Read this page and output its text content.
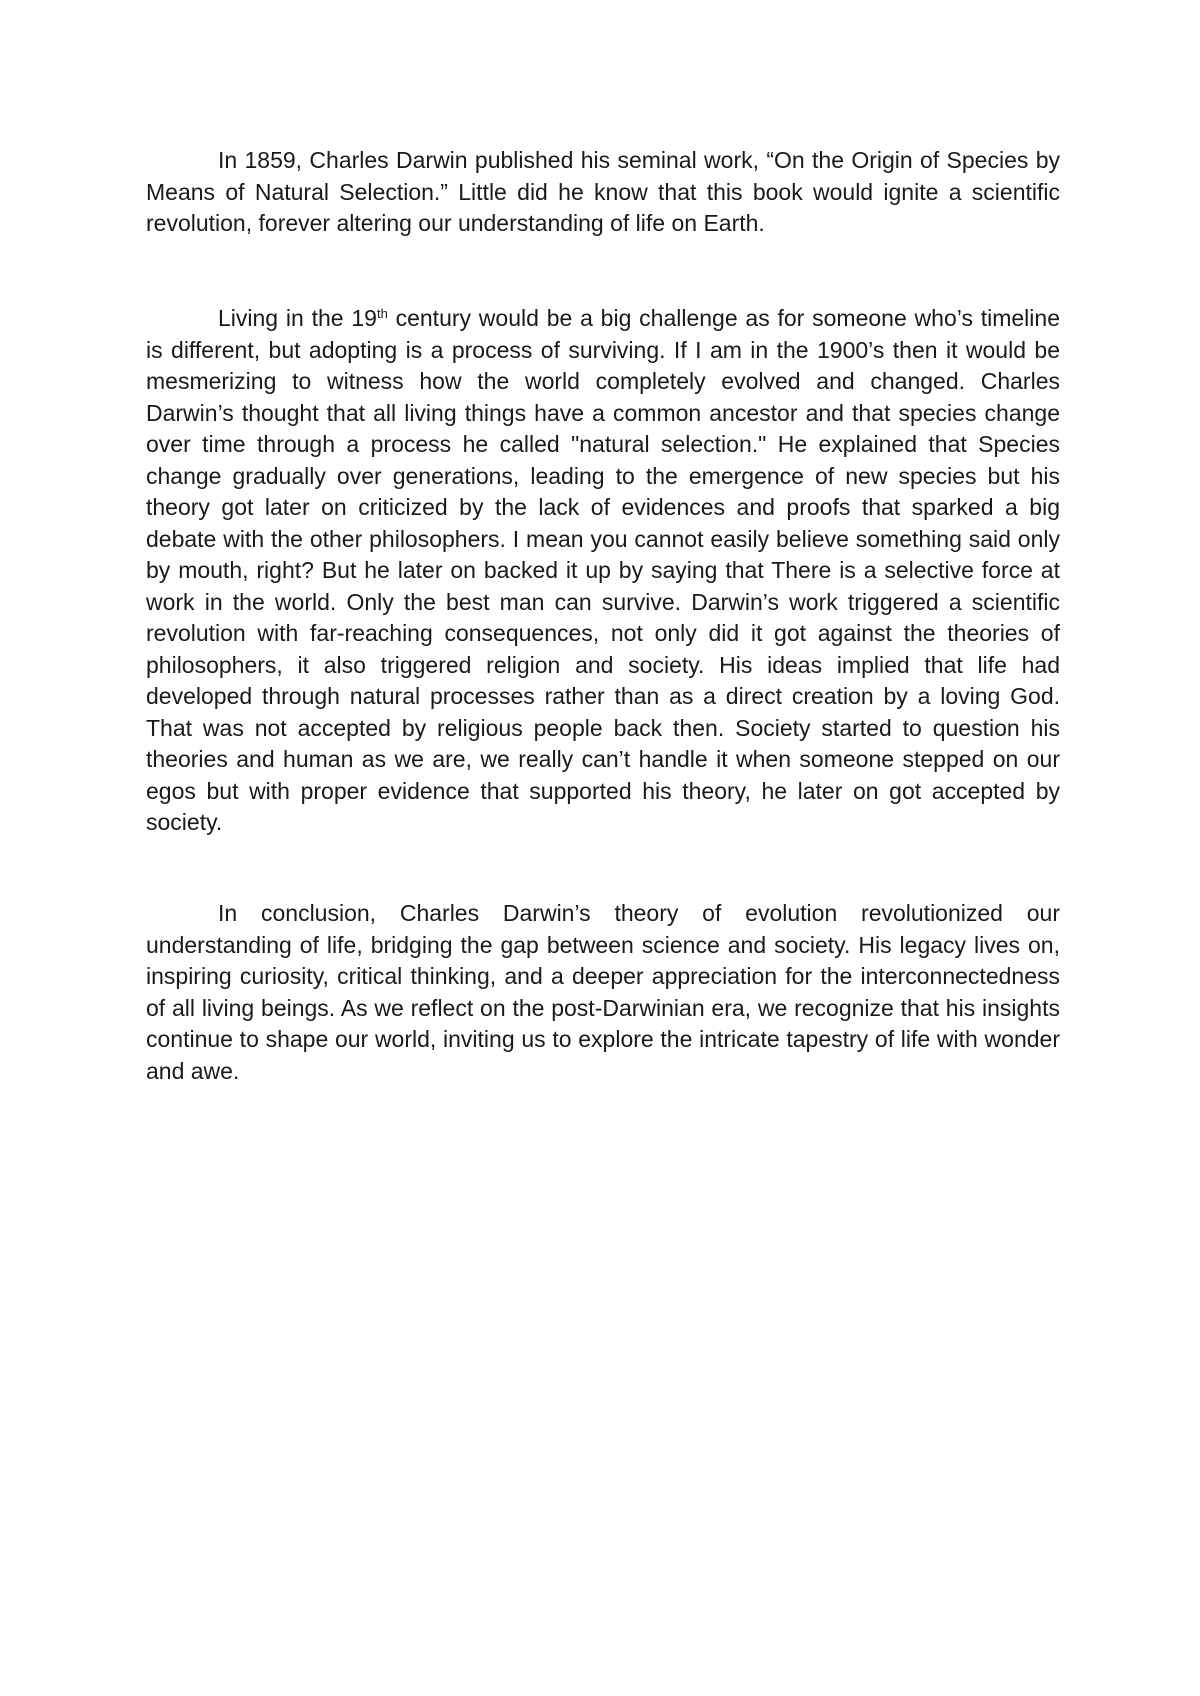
In 1859, Charles Darwin published his seminal work, “On the Origin of Species by Means of Natural Selection.” Little did he know that this book would ignite a scientific revolution, forever altering our understanding of life on Earth.

Living in the 19th century would be a big challenge as for someone who’s timeline is different, but adopting is a process of surviving. If I am in the 1900’s then it would be mesmerizing to witness how the world completely evolved and changed. Charles Darwin’s thought that all living things have a common ancestor and that species change over time through a process he called "natural selection." He explained that Species change gradually over generations, leading to the emergence of new species but his theory got later on criticized by the lack of evidences and proofs that sparked a big debate with the other philosophers. I mean you cannot easily believe something said only by mouth, right? But he later on backed it up by saying that There is a selective force at work in the world. Only the best man can survive. Darwin’s work triggered a scientific revolution with far-reaching consequences, not only did it got against the theories of philosophers, it also triggered religion and society. His ideas implied that life had developed through natural processes rather than as a direct creation by a loving God. That was not accepted by religious people back then. Society started to question his theories and human as we are, we really can’t handle it when someone stepped on our egos but with proper evidence that supported his theory, he later on got accepted by society.

In conclusion, Charles Darwin’s theory of evolution revolutionized our understanding of life, bridging the gap between science and society. His legacy lives on, inspiring curiosity, critical thinking, and a deeper appreciation for the interconnectedness of all living beings. As we reflect on the post-Darwinian era, we recognize that his insights continue to shape our world, inviting us to explore the intricate tapestry of life with wonder and awe.
